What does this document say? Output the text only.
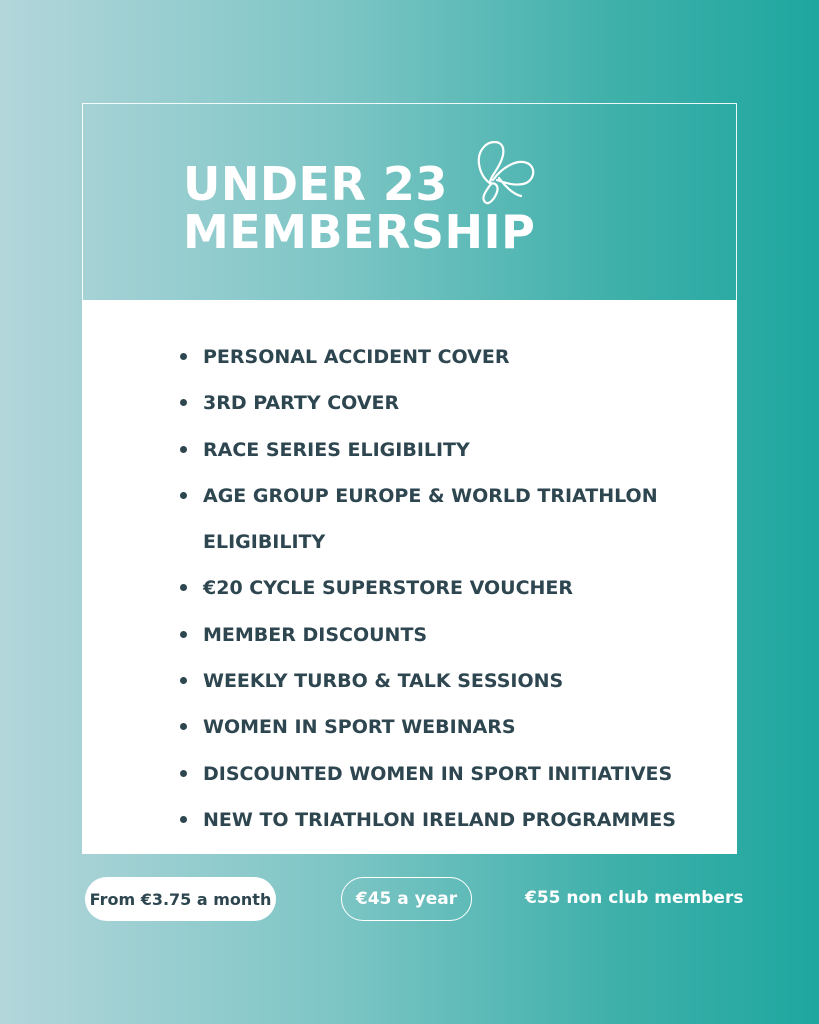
UNDER 23
MEMBERSHIP
PERSONAL ACCIDENT COVER
3RD PARTY COVER
RACE SERIES ELIGIBILITY
AGE GROUP EUROPE & WORLD TRIATHLON ELIGIBILITY
€20 CYCLE SUPERSTORE VOUCHER
MEMBER DISCOUNTS
WEEKLY TURBO & TALK SESSIONS
WOMEN IN SPORT WEBINARS
DISCOUNTED WOMEN IN SPORT INITIATIVES
NEW TO TRIATHLON IRELAND PROGRAMMES
From €3.75 a month	€45 a year	€55 non club members
